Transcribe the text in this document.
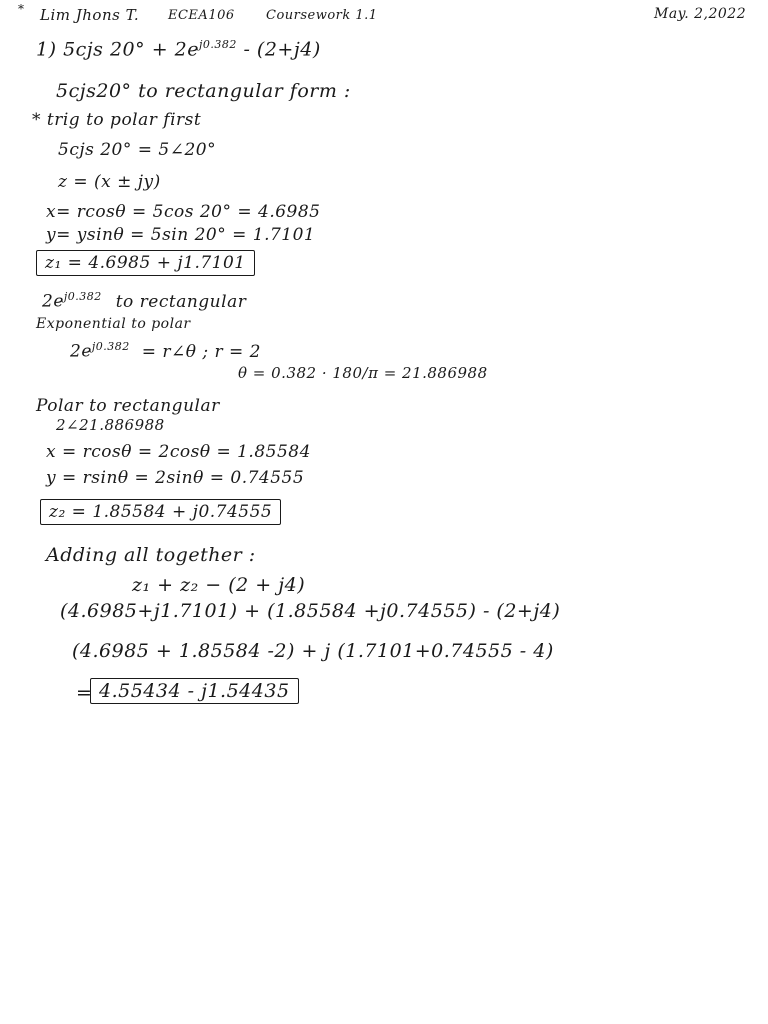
* Lim Jhons T. ECEA106 Coursework 1.1	May. 2,2022
1) 5cjs $20^\circ + 2e^{j0.382} - (2+j4)$
5cjs20° to rectangular form :
* trig to polar first
5cjs 20° = 5∠20°
z = (x ± jy)
x= rcosθ = 5cos 20° = 4.6985
y= ysinθ = 5sin 20° = 1.7101
z₁ = 4.6985 + j1.7101
$2e^{j0.382}$ to rectangular
Exponential to polar
$2e^{j0.382}$ = r∠θ ; r = 2
θ = 0.382 · 180/π = 21.886988
Polar to rectangular
2∠21.886988
x = rcosθ = 2cosθ = 1.85584
y = rsinθ = 2sinθ = 0.74555
z₂ = 1.85584 + j0.74555
Adding all together :
z₁ + z₂ − (2 + j4)
(4.6985+j1.7101) + (1.85584 +j0.74555) - (2+j4)
(4.6985 + 1.85584 -2) + j (1.7101+0.74555 - 4)
= 4.55434 - j1.54435
